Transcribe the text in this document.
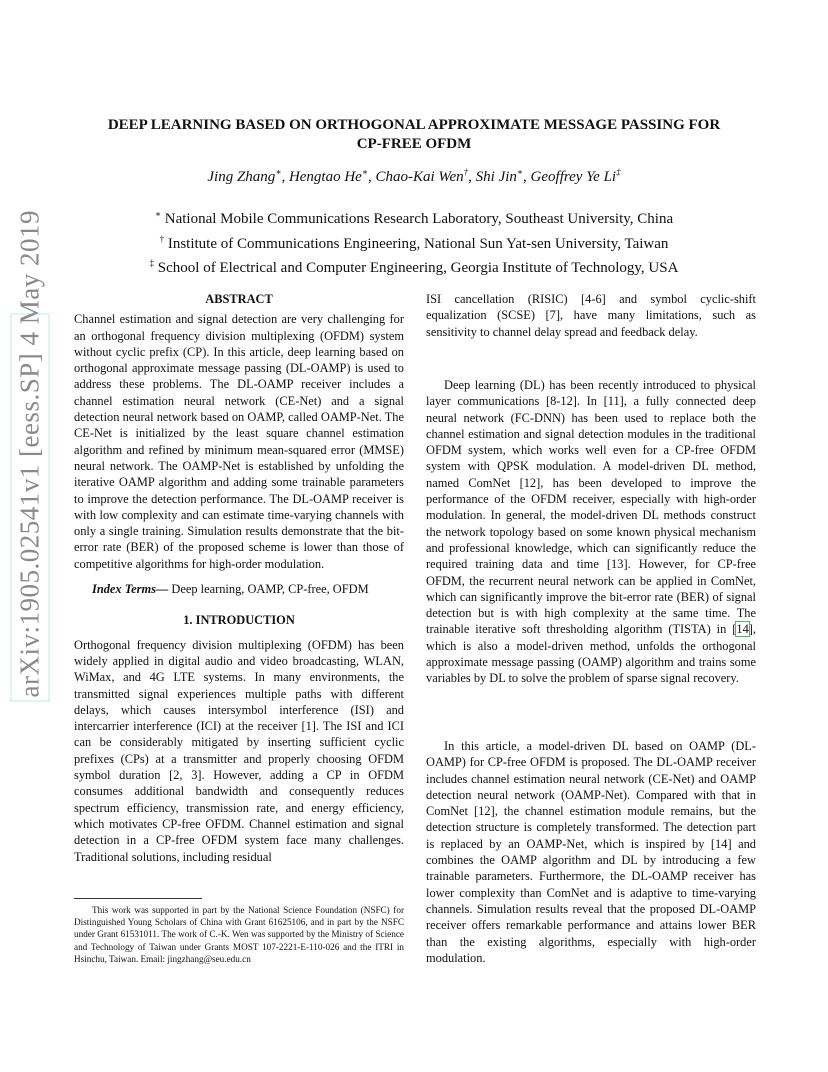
DEEP LEARNING BASED ON ORTHOGONAL APPROXIMATE MESSAGE PASSING FOR
CP-FREE OFDM
Jing Zhang∗, Hengtao He∗, Chao-Kai Wen†, Shi Jin∗, Geoffrey Ye Li‡
∗ National Mobile Communications Research Laboratory, Southeast University, China
† Institute of Communications Engineering, National Sun Yat-sen University, Taiwan
‡ School of Electrical and Computer Engineering, Georgia Institute of Technology, USA
arXiv:1905.02541v1 [eess.SP] 4 May 2019	ABSTRACT

Channel estimation and signal detection are very challenging for an orthogonal frequency division multiplexing (OFDM) system without cyclic prefix (CP). In this article, deep learning based on orthogonal approximate message passing (DL-OAMP) is used to address these problems. The DL-OAMP receiver includes a channel estimation neural network (CE-Net) and a signal detection neural network based on OAMP, called OAMP-Net. The CE-Net is initialized by the least square channel estimation algorithm and refined by minimum mean-squared error (MMSE) neural network. The OAMP-Net is established by unfolding the iterative OAMP algorithm and adding some trainable parameters to improve the detection performance. The DL-OAMP receiver is with low complexity and can estimate time-varying channels with only a single training. Simulation results demonstrate that the bit-error rate (BER) of the proposed scheme is lower than those of competitive algorithms for high-order modulation.

Index Terms— Deep learning, OAMP, CP-free, OFDM

1. INTRODUCTION

Orthogonal frequency division multiplexing (OFDM) has been widely applied in digital audio and video broadcasting, WLAN, WiMax, and 4G LTE systems. In many environments, the transmitted signal experiences multiple paths with different delays, which causes intersymbol interference (ISI) and intercarrier interference (ICI) at the receiver [1]. The ISI and ICI can be considerably mitigated by inserting sufficient cyclic prefixes (CPs) at a transmitter and properly choosing OFDM symbol duration [2, 3]. However, adding a CP in OFDM consumes additional bandwidth and consequently reduces spectrum efficiency, transmission rate, and energy efficiency, which motivates CP-free OFDM. Channel estimation and signal detection in a CP-free OFDM system face many challenges. Traditional solutions, including residual

This work was supported in part by the National Science Foundation (NSFC) for Distinguished Young Scholars of China with Grant 61625106, and in part by the NSFC under Grant 61531011. The work of C.-K. Wen was supported by the Ministry of Science and Technology of Taiwan under Grants MOST 107-2221-E-110-026 and the ITRI in Hsinchu, Taiwan. Email: jingzhang@seu.edu.cn

ISI cancellation (RISIC) [4-6] and symbol cyclic-shift equalization (SCSE) [7], have many limitations, such as sensitivity to channel delay spread and feedback delay.

Deep learning (DL) has been recently introduced to physical layer communications [8-12]. In [11], a fully connected deep neural network (FC-DNN) has been used to replace both the channel estimation and signal detection modules in the traditional OFDM system, which works well even for a CP-free OFDM system with QPSK modulation. A model-driven DL method, named ComNet [12], has been developed to improve the performance of the OFDM receiver, especially with high-order modulation. In general, the model-driven DL methods construct the network topology based on some known physical mechanism and professional knowledge, which can significantly reduce the required training data and time [13]. However, for CP-free OFDM, the recurrent neural network can be applied in ComNet, which can significantly improve the bit-error rate (BER) of signal detection but is with high complexity at the same time. The trainable iterative soft thresholding algorithm (TISTA) in [14], which is also a model-driven method, unfolds the orthogonal approximate message passing (OAMP) algorithm and trains some variables by DL to solve the problem of sparse signal recovery.

In this article, a model-driven DL based on OAMP (DL-OAMP) for CP-free OFDM is proposed. The DL-OAMP receiver includes channel estimation neural network (CE-Net) and OAMP detection neural network (OAMP-Net). Compared with that in ComNet [12], the channel estimation module remains, but the detection structure is completely transformed. The detection part is replaced by an OAMP-Net, which is inspired by [14] and combines the OAMP algorithm and DL by introducing a few trainable parameters. Furthermore, the DL-OAMP receiver has lower complexity than ComNet and is adaptive to time-varying channels. Simulation results reveal that the proposed DL-OAMP receiver offers remarkable performance and attains lower BER than the existing algorithms, especially with high-order modulation.
